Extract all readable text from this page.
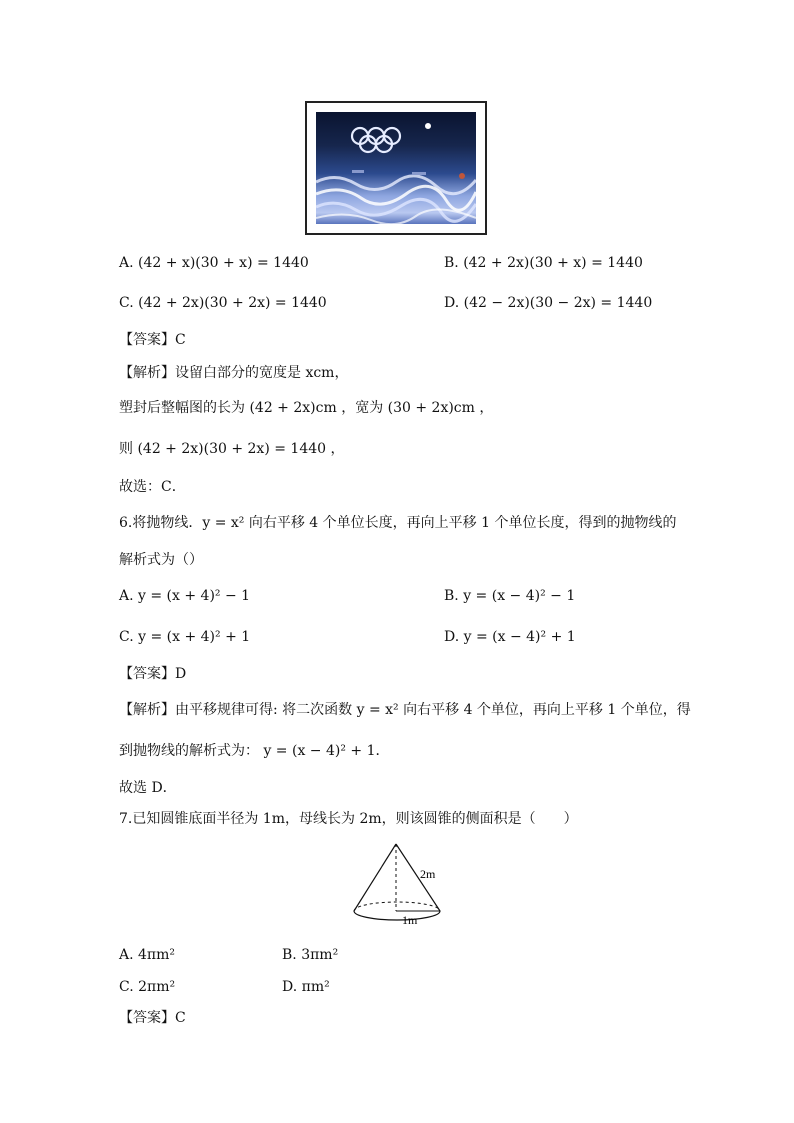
A. (42 + x)(30 + x) = 1440	B. (42 + 2x)(30 + x) = 1440
C. (42 + 2x)(30 + 2x) = 1440	D. (42 − 2x)(30 − 2x) = 1440
【答案】C
【解析】设留白部分的宽度是 xcm，
塑封后整幅图的长为 (42 + 2x)cm ，宽为 (30 + 2x)cm ，
则 (42 + 2x)(30 + 2x) = 1440 ，
故选：C．
6.将抛物线．y = x² 向右平移 4 个单位长度，再向上平移 1 个单位长度，得到的抛物线的
解析式为（）
A. y = (x + 4)² − 1	B. y = (x − 4)² − 1
C. y = (x + 4)² + 1	D. y = (x − 4)² + 1
【答案】D
【解析】由平移规律可得: 将二次函数 y = x² 向右平移 4 个单位，再向上平移 1 个单位，得
到抛物线的解析式为： y = (x − 4)² + 1．
故选 D．
7.已知圆锥底面半径为 1m，母线长为 2m，则该圆锥的侧面积是（　　）
2m
1m
A. 4πm²	B. 3πm²
C. 2πm²	D. πm²
【答案】C
